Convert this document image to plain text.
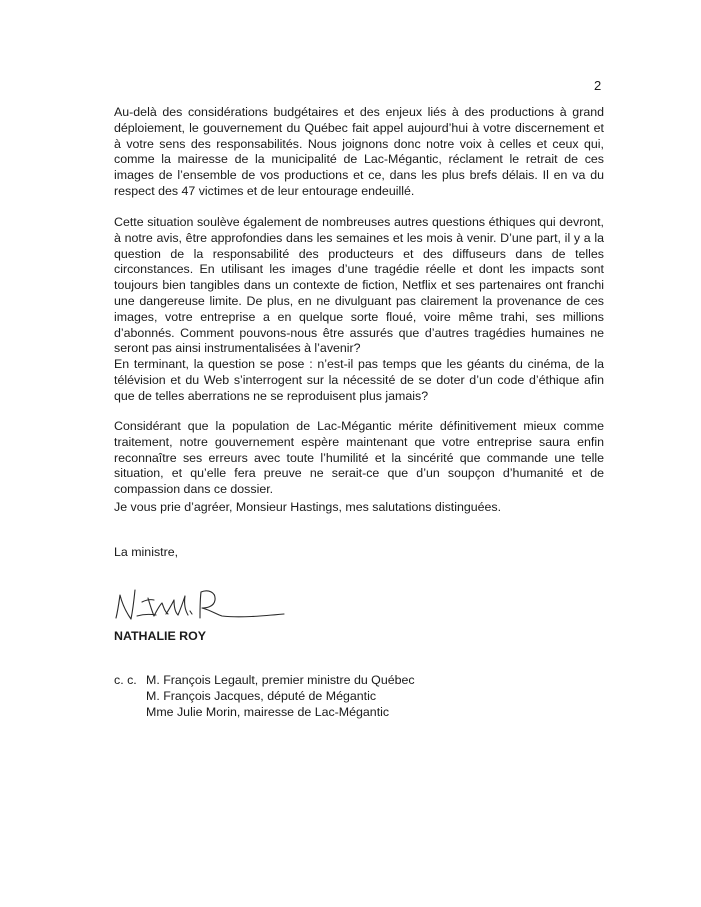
2

Au-delà des considérations budgétaires et des enjeux liés à des productions à grand déploiement, le gouvernement du Québec fait appel aujourd’hui à votre discernement et à votre sens des responsabilités. Nous joignons donc notre voix à celles et ceux qui, comme la mairesse de la municipalité de Lac-Mégantic, réclament le retrait de ces images de l’ensemble de vos productions et ce, dans les plus brefs délais. Il en va du respect des 47 victimes et de leur entourage endeuillé.

Cette situation soulève également de nombreuses autres questions éthiques qui devront, à notre avis, être approfondies dans les semaines et les mois à venir. D’une part, il y a la question de la responsabilité des producteurs et des diffuseurs dans de telles circonstances. En utilisant les images d’une tragédie réelle et dont les impacts sont toujours bien tangibles dans un contexte de fiction, Netflix et ses partenaires ont franchi une dangereuse limite. De plus, en ne divulguant pas clairement la provenance de ces images, votre entreprise a en quelque sorte floué, voire même trahi, ses millions d’abonnés. Comment pouvons-nous être assurés que d’autres tragédies humaines ne seront pas ainsi instrumentalisées à l’avenir?

En terminant, la question se pose : n’est-il pas temps que les géants du cinéma, de la télévision et du Web s’interrogent sur la nécessité de se doter d’un code d’éthique afin que de telles aberrations ne se reproduisent plus jamais?

Considérant que la population de Lac-Mégantic mérite définitivement mieux comme traitement, notre gouvernement espère maintenant que votre entreprise saura enfin reconnaître ses erreurs avec toute l’humilité et la sincérité que commande une telle situation, et qu’elle fera preuve ne serait-ce que d’un soupçon d’humanité et de compassion dans ce dossier.

Je vous prie d’agréer, Monsieur Hastings, mes salutations distinguées.

La ministre,
NATHALIE ROY
c. c. M. François Legault, premier ministre du Québec
M. François Jacques, député de Mégantic
Mme Julie Morin, mairesse de Lac-Mégantic
